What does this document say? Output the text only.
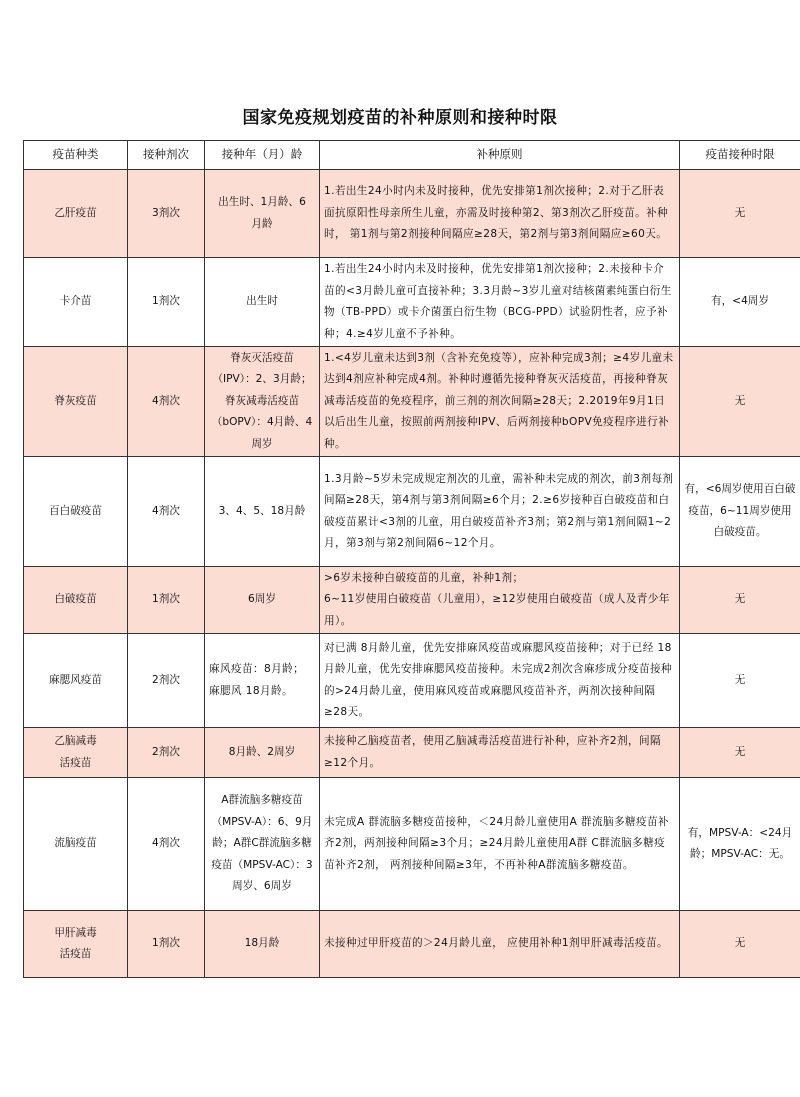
国家免疫规划疫苗的补种原则和接种时限
疫苗种类	接种剂次	接种年（月）龄	补种原则	疫苗接种时限
乙肝疫苗	3剂次	出生时、1月龄、6
月龄	1.若出生24小时内未及时接种，优先安排第1剂次接种；2.对于乙肝表面抗原阳性母亲所生儿童，亦需及时接种第2、第3剂次乙肝疫苗。补种时， 第1剂与第2剂接种间隔应≥28天，第2剂与第3剂间隔应≥60天。	无
卡介苗	1剂次	出生时	1.若出生24小时内未及时接种，优先安排第1剂次接种；2.未接种卡介苗的<3月龄儿童可直接补种；3.3月龄~3岁儿童对结核菌素纯蛋白衍生物（TB-PPD）或卡介菌蛋白衍生物（BCG-PPD）试验阴性者，应予补种；4.≥4岁儿童不予补种。	有，<4周岁
脊灰疫苗	4剂次	脊灰灭活疫苗（IPV）：2、3月龄；脊灰减毒活疫苗（bOPV）：4月龄、4周岁	1.<4岁儿童未达到3剂（含补充免疫等），应补种完成3剂；≥4岁儿童未达到4剂应补种完成4剂。补种时遵循先接种脊灰灭活疫苗，再接种脊灰减毒活疫苗的免疫程序，前三剂的剂次间隔≥28天；2.2019年9月1日以后出生儿童，按照前两剂接种IPV、后两剂接种bOPV免疫程序进行补种。	无
百白破疫苗	4剂次	3、4、5、18月龄	1.3月龄~5岁未完成规定剂次的儿童，需补种未完成的剂次，前3剂每剂间隔≥28天，第4剂与第3剂间隔≥6个月；2.≥6岁接种百白破疫苗和白破疫苗累计<3剂的儿童，用白破疫苗补齐3剂；第2剂与第1剂间隔1~2月，第3剂与第2剂间隔6~12个月。	有，<6周岁使用百白破疫苗，6~11周岁使用白破疫苗。
白破疫苗	1剂次	6周岁	>6岁未接种白破疫苗的儿童，补种1剂；
6~11岁使用白破疫苗（儿童用），≥12岁使用白破疫苗（成人及青少年用）。	无
麻腮风疫苗	2剂次	麻风疫苗：8月龄；
麻腮风 18月龄。	对已满 8月龄儿童，优先安排麻风疫苗或麻腮风疫苗接种；对于已经 18月龄儿童，优先安排麻腮风疫苗接种。未完成2剂次含麻疹成分疫苗接种的>24月龄儿童，使用麻风疫苗或麻腮风疫苗补齐，两剂次接种间隔≥28天。	无
乙脑减毒
活疫苗	2剂次	8月龄、2周岁	未接种乙脑疫苗者，使用乙脑减毒活疫苗进行补种，应补齐2剂，间隔≥12个月。	无
流脑疫苗	4剂次	A群流脑多糖疫苗（MPSV-A）：6、9月龄；A群C群流脑多糖疫苗（MPSV-AC）：3周岁、6周岁	未完成A 群流脑多糖疫苗接种，＜24月龄儿童使用A 群流脑多糖疫苗补齐2剂，两剂接种间隔≥3个月；≥24月龄儿童使用A群 C群流脑多糖疫苗补齐2剂， 两剂接种间隔≥3年，不再补种A群流脑多糖疫苗。	有，MPSV-A：<24月龄；MPSV-AC：无。
甲肝减毒
活疫苗	1剂次	18月龄	未接种过甲肝疫苗的＞24月龄儿童， 应使用补种1剂甲肝减毒活疫苗。	无
